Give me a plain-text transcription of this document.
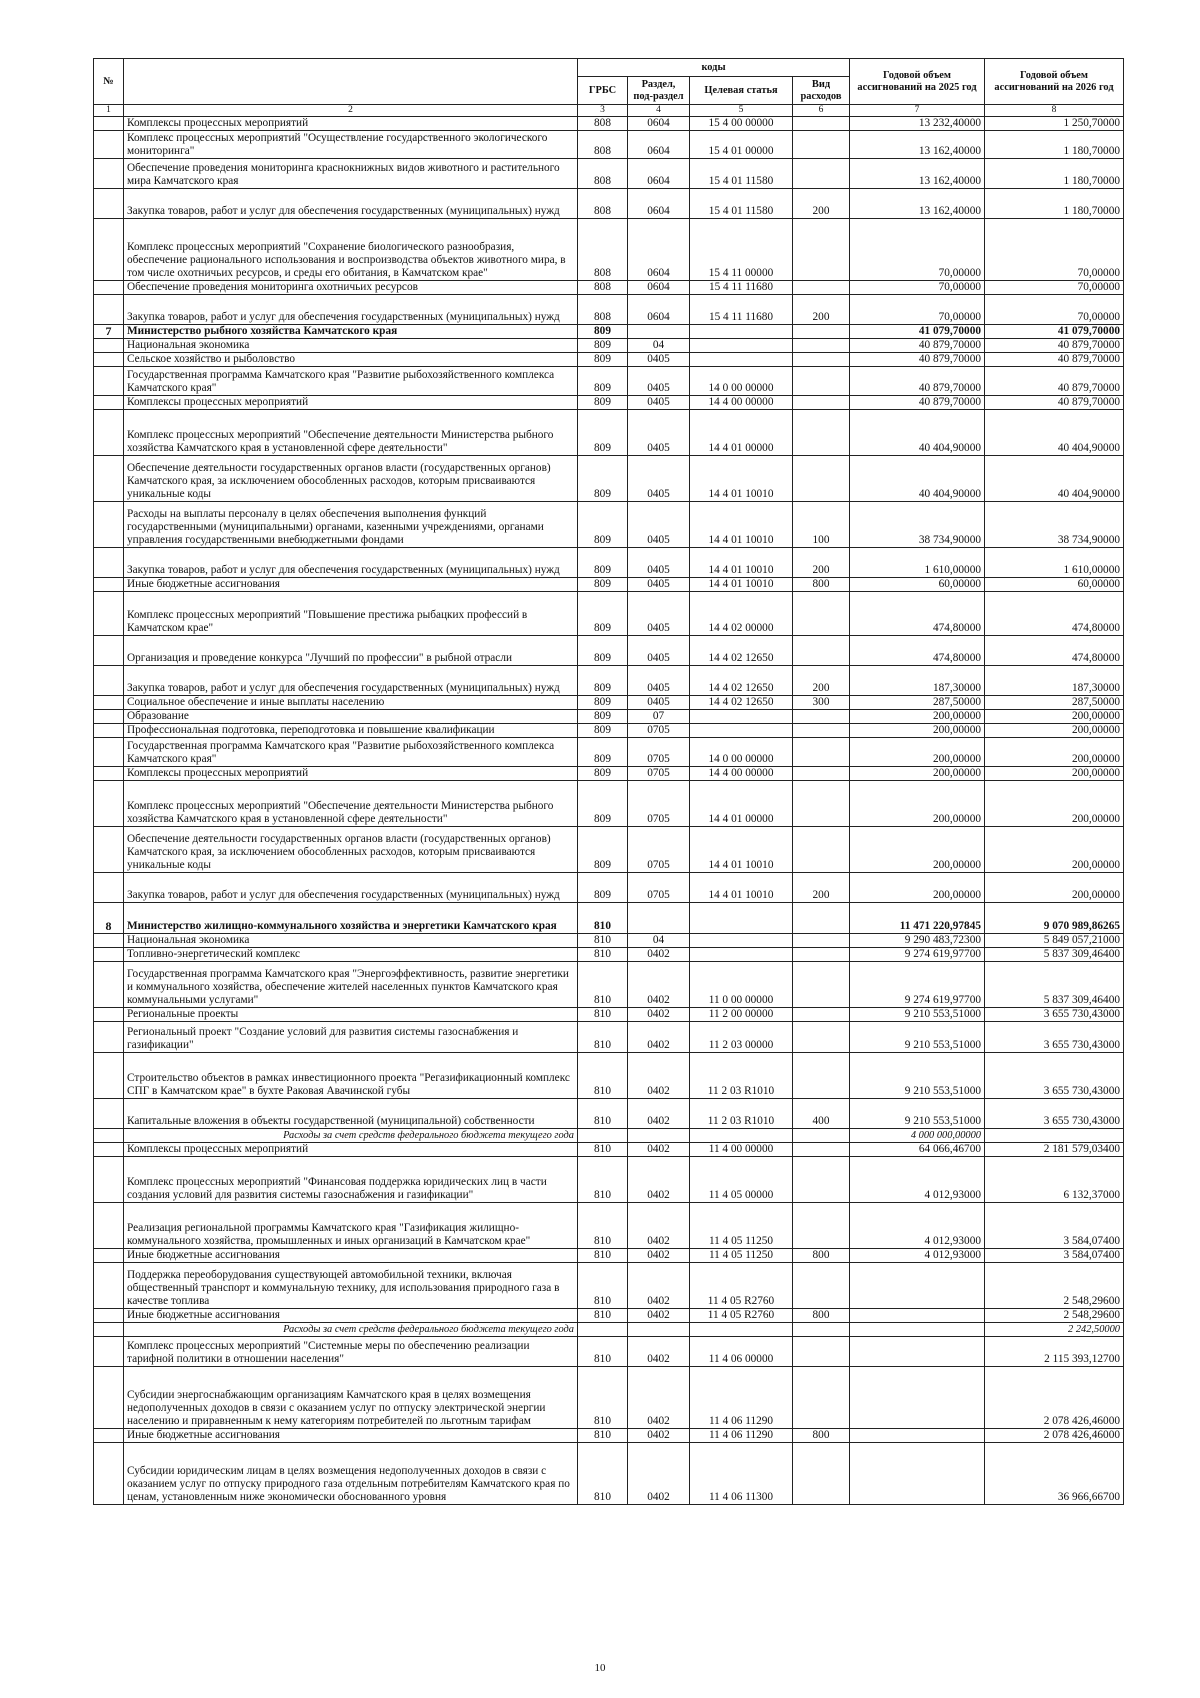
№		коды				Годовой объем ассигнований на 2025 год	Годовой объем ассигнований на 2026 год
		ГРБС	Раздел, под-раздел	Целевая статья	Вид расходов		
1	2	3	4	5	6	7	8
	Комплексы процессных мероприятий	808	0604	15 4 00 00000		13 232,40000	1 250,70000
	Комплекс процессных мероприятий "Осуществление государственного экологического мониторинга"	808	0604	15 4 01 00000		13 162,40000	1 180,70000
	Обеспечение проведения мониторинга краснокнижных видов животного и растительного мира Камчатского края	808	0604	15 4 01 11580		13 162,40000	1 180,70000
	Закупка товаров, работ и услуг для обеспечения государственных (муниципальных) нужд	808	0604	15 4 01 11580	200	13 162,40000	1 180,70000
	Комплекс процессных мероприятий "Сохранение биологического разнообразия, обеспечение рационального использования и воспроизводства объектов животного мира, в том числе охотничьих ресурсов, и среды его обитания, в Камчатском крае"	808	0604	15 4 11 00000		70,00000	70,00000
	Обеспечение проведения мониторинга охотничьих ресурсов	808	0604	15 4 11 11680		70,00000	70,00000
	Закупка товаров, работ и услуг для обеспечения государственных (муниципальных) нужд	808	0604	15 4 11 11680	200	70,00000	70,00000
7	Министерство рыбного хозяйства Камчатского края	809				41 079,70000	41 079,70000
	Национальная экономика	809	04			40 879,70000	40 879,70000
	Сельское хозяйство и рыболовство	809	0405			40 879,70000	40 879,70000
	Государственная программа Камчатского края "Развитие рыбохозяйственного комплекса Камчатского края"	809	0405	14 0 00 00000		40 879,70000	40 879,70000
	Комплексы процессных мероприятий	809	0405	14 4 00 00000		40 879,70000	40 879,70000
	Комплекс процессных мероприятий "Обеспечение деятельности Министерства рыбного хозяйства Камчатского края в установленной сфере деятельности"	809	0405	14 4 01 00000		40 404,90000	40 404,90000
	Обеспечение деятельности государственных органов власти (государственных органов) Камчатского края, за исключением обособленных расходов, которым присваиваются уникальные коды	809	0405	14 4 01 10010		40 404,90000	40 404,90000
	Расходы на выплаты персоналу в целях обеспечения выполнения функций государственными (муниципальными) органами, казенными учреждениями, органами управления государственными внебюджетными фондами	809	0405	14 4 01 10010	100	38 734,90000	38 734,90000
	Закупка товаров, работ и услуг для обеспечения государственных (муниципальных) нужд	809	0405	14 4 01 10010	200	1 610,00000	1 610,00000
	Иные бюджетные ассигнования	809	0405	14 4 01 10010	800	60,00000	60,00000
	Комплекс процессных мероприятий "Повышение престижа рыбацких профессий в Камчатском крае"	809	0405	14 4 02 00000		474,80000	474,80000
	Организация и проведение конкурса "Лучший по профессии" в рыбной отрасли	809	0405	14 4 02 12650		474,80000	474,80000
	Закупка товаров, работ и услуг для обеспечения государственных (муниципальных) нужд	809	0405	14 4 02 12650	200	187,30000	187,30000
	Социальное обеспечение и иные выплаты населению	809	0405	14 4 02 12650	300	287,50000	287,50000
	Образование	809	07			200,00000	200,00000
	Профессиональная подготовка, переподготовка и повышение квалификации	809	0705			200,00000	200,00000
	Государственная программа Камчатского края "Развитие рыбохозяйственного комплекса Камчатского края"	809	0705	14 0 00 00000		200,00000	200,00000
	Комплексы процессных мероприятий	809	0705	14 4 00 00000		200,00000	200,00000
	Комплекс процессных мероприятий "Обеспечение деятельности Министерства рыбного хозяйства Камчатского края в установленной сфере деятельности"	809	0705	14 4 01 00000		200,00000	200,00000
	Обеспечение деятельности государственных органов власти (государственных органов) Камчатского края, за исключением обособленных расходов, которым присваиваются уникальные коды	809	0705	14 4 01 10010		200,00000	200,00000
	Закупка товаров, работ и услуг для обеспечения государственных (муниципальных) нужд	809	0705	14 4 01 10010	200	200,00000	200,00000
8	Министерство жилищно-коммунального хозяйства и энергетики Камчатского края	810				11 471 220,97845	9 070 989,86265
	Национальная экономика	810	04			9 290 483,72300	5 849 057,21000
	Топливно-энергетический комплекс	810	0402			9 274 619,97700	5 837 309,46400
	Государственная программа Камчатского края "Энергоэффективность, развитие энергетики и коммунального хозяйства, обеспечение жителей населенных пунктов Камчатского края коммунальными услугами"	810	0402	11 0 00 00000		9 274 619,97700	5 837 309,46400
	Региональные проекты	810	0402	11 2 00 00000		9 210 553,51000	3 655 730,43000
	Региональный проект "Создание условий для развития системы газоснабжения и газификации"	810	0402	11 2 03 00000		9 210 553,51000	3 655 730,43000
	Строительство объектов в рамках инвестиционного проекта "Регазификационный комплекс СПГ в Камчатском крае" в бухте Раковая Авачинской губы	810	0402	11 2 03 R1010		9 210 553,51000	3 655 730,43000
	Капитальные вложения в объекты государственной (муниципальной) собственности	810	0402	11 2 03 R1010	400	9 210 553,51000	3 655 730,43000
	Расходы за счет средств федерального бюджета текущего года					4 000 000,00000	
	Комплексы процессных мероприятий	810	0402	11 4 00 00000		64 066,46700	2 181 579,03400
	Комплекс процессных мероприятий "Финансовая поддержка юридических лиц в части создания условий для развития системы газоснабжения и газификации"	810	0402	11 4 05 00000		4 012,93000	6 132,37000
	Реализация региональной программы Камчатского края "Газификация жилищно-коммунального хозяйства, промышленных и иных организаций в Камчатском крае"	810	0402	11 4 05 11250		4 012,93000	3 584,07400
	Иные бюджетные ассигнования	810	0402	11 4 05 11250	800	4 012,93000	3 584,07400
	Поддержка переоборудования существующей автомобильной техники, включая общественный транспорт и коммунальную технику, для использования природного газа в качестве топлива	810	0402	11 4 05 R2760			2 548,29600
	Иные бюджетные ассигнования	810	0402	11 4 05 R2760	800		2 548,29600
	Расходы за счет средств федерального бюджета текущего года						2 242,50000
	Комплекс процессных мероприятий "Системные меры по обеспечению реализации тарифной политики в отношении населения"	810	0402	11 4 06 00000			2 115 393,12700
	Субсидии энергоснабжающим организациям Камчатского края в целях возмещения недополученных доходов в связи с оказанием услуг по отпуску электрической энергии населению и приравненным к нему категориям потребителей по льготным тарифам	810	0402	11 4 06 11290			2 078 426,46000
	Иные бюджетные ассигнования	810	0402	11 4 06 11290	800		2 078 426,46000
	Субсидии юридическим лицам в целях возмещения недополученных доходов в связи с оказанием услуг по отпуску природного газа отдельным потребителям Камчатского края по ценам, установленным ниже экономически обоснованного уровня	810	0402	11 4 06 11300			36 966,66700
10
